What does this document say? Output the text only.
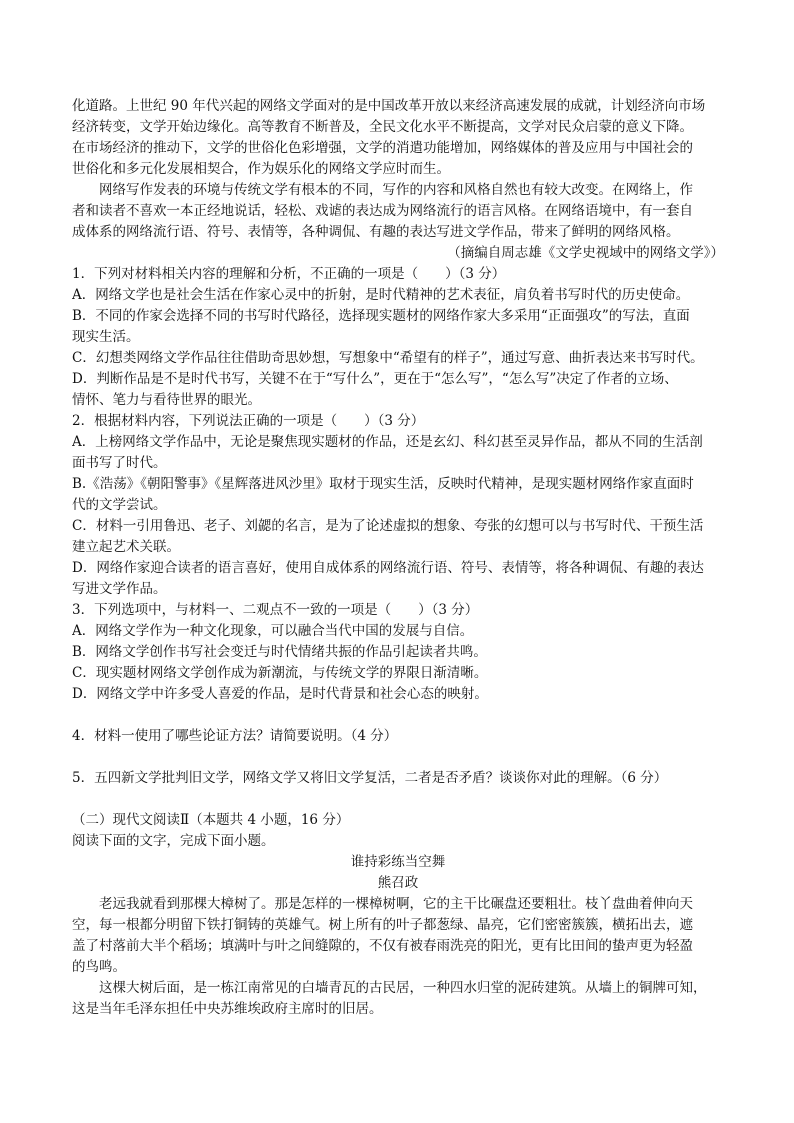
化道路。上世纪 90 年代兴起的网络文学面对的是中国改革开放以来经济高速发展的成就，计划经济向市场
经济转变，文学开始边缘化。高等教育不断普及，全民文化水平不断提高，文学对民众启蒙的意义下降。
在市场经济的推动下，文学的世俗化色彩增强，文学的消遣功能增加，网络媒体的普及应用与中国社会的
世俗化和多元化发展相契合，作为娱乐化的网络文学应时而生。
网络写作发表的环境与传统文学有根本的不同，写作的内容和风格自然也有较大改变。在网络上，作
者和读者不喜欢一本正经地说话，轻松、戏谑的表达成为网络流行的语言风格。在网络语境中，有一套自
成体系的网络流行语、符号、表情等，各种调侃、有趣的表达写进文学作品，带来了鲜明的网络风格。
（摘编自周志雄《文学史视域中的网络文学》）
1．下列对材料相关内容的理解和分析，不正确的一项是（　　）（3 分）
A．网络文学也是社会生活在作家心灵中的折射，是时代精神的艺术表征，肩负着书写时代的历史使命。
B．不同的作家会选择不同的书写时代路径，选择现实题材的网络作家大多采用“正面强攻”的写法，直面
现实生活。
C．幻想类网络文学作品往往借助奇思妙想，写想象中“希望有的样子”，通过写意、曲折表达来书写时代。
D．判断作品是不是时代书写，关键不在于“写什么”，更在于“怎么写”，“怎么写”决定了作者的立场、
情怀、笔力与看待世界的眼光。
2．根据材料内容，下列说法正确的一项是（　　）（3 分）
A．上榜网络文学作品中，无论是聚焦现实题材的作品，还是玄幻、科幻甚至灵异作品，都从不同的生活剖
面书写了时代。
B.《浩荡》《朝阳警事》《星辉落进风沙里》取材于现实生活，反映时代精神，是现实题材网络作家直面时
代的文学尝试。
C．材料一引用鲁迅、老子、刘勰的名言，是为了论述虚拟的想象、夸张的幻想可以与书写时代、干预生活
建立起艺术关联。
D．网络作家迎合读者的语言喜好，使用自成体系的网络流行语、符号、表情等，将各种调侃、有趣的表达
写进文学作品。
3．下列选项中，与材料一、二观点不一致的一项是（　　）（3 分）
A．网络文学作为一种文化现象，可以融合当代中国的发展与自信。
B．网络文学创作书写社会变迁与时代情绪共振的作品引起读者共鸣。
C．现实题材网络文学创作成为新潮流，与传统文学的界限日渐清晰。
D．网络文学中许多受人喜爱的作品，是时代背景和社会心态的映射。
4．材料一使用了哪些论证方法？请简要说明。（4 分）
5．五四新文学批判旧文学，网络文学又将旧文学复活，二者是否矛盾？谈谈你对此的理解。（6 分）
（二）现代文阅读Ⅱ（本题共 4 小题，16 分）
阅读下面的文字，完成下面小题。
谁持彩练当空舞
熊召政
老远我就看到那棵大樟树了。那是怎样的一棵樟树啊，它的主干比碾盘还要粗壮。枝丫盘曲着伸向天
空，每一根都分明留下铁打铜铸的英雄气。树上所有的叶子都葱绿、晶亮，它们密密簇簇，横拓出去，遮
盖了村落前大半个稻场；填满叶与叶之间缝隙的，不仅有被春雨洗亮的阳光，更有比田间的蛰声更为轻盈
的鸟鸣。
这棵大树后面，是一栋江南常见的白墙青瓦的古民居，一种四水归堂的泥砖建筑。从墙上的铜牌可知，
这是当年毛泽东担任中央苏维埃政府主席时的旧居。
